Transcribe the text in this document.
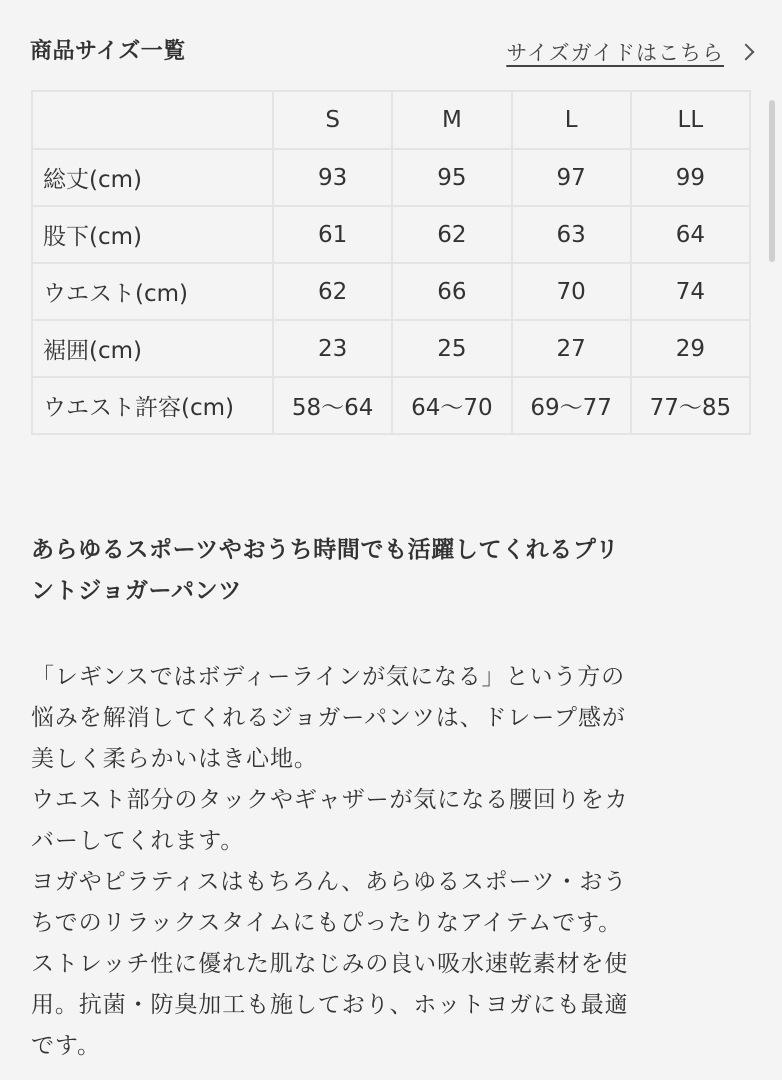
商品サイズ一覧	サイズガイドはこちら
	S	M	L	LL
総丈(cm)	93	95	97	99
股下(cm)	61	62	63	64
ウエスト(cm)	62	66	70	74
裾囲(cm)	23	25	27	29
ウエスト許容(cm)	58〜64	64〜70	69〜77	77〜85
あらゆるスポーツやおうち時間でも活躍してくれるプリ
ントジョガーパンツ
「レギンスではボディーラインが気になる」という方の
悩みを解消してくれるジョガーパンツは、ドレープ感が
美しく柔らかいはき心地。
ウエスト部分のタックやギャザーが気になる腰回りをカ
バーしてくれます。
ヨガやピラティスはもちろん、あらゆるスポーツ・おう
ちでのリラックスタイムにもぴったりなアイテムです。
ストレッチ性に優れた肌なじみの良い吸水速乾素材を使
用。抗菌・防臭加工も施しており、ホットヨガにも最適
です。
